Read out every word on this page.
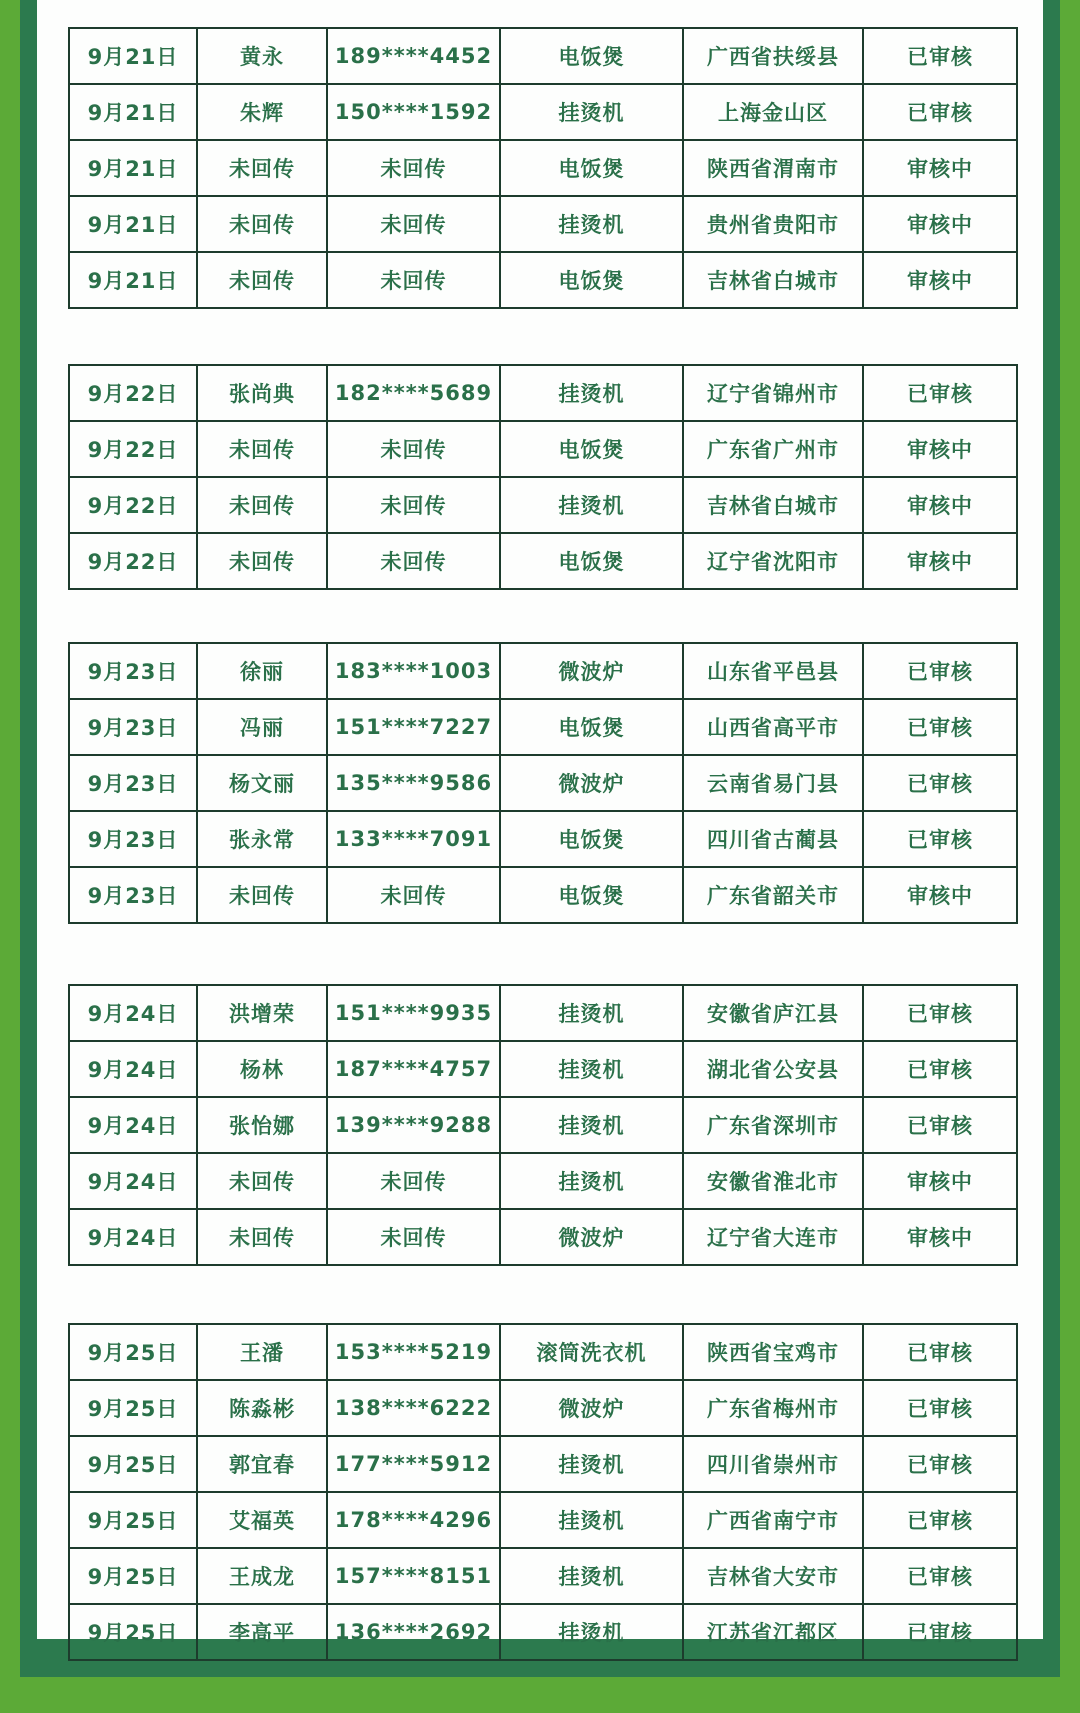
9月21日	黄永	189****4452	电饭煲	广西省扶绥县	已审核
9月21日	朱辉	150****1592	挂烫机	上海金山区	已审核
9月21日	未回传	未回传	电饭煲	陕西省渭南市	审核中
9月21日	未回传	未回传	挂烫机	贵州省贵阳市	审核中
9月21日	未回传	未回传	电饭煲	吉林省白城市	审核中
9月22日	张尚典	182****5689	挂烫机	辽宁省锦州市	已审核
9月22日	未回传	未回传	电饭煲	广东省广州市	审核中
9月22日	未回传	未回传	挂烫机	吉林省白城市	审核中
9月22日	未回传	未回传	电饭煲	辽宁省沈阳市	审核中
9月23日	徐丽	183****1003	微波炉	山东省平邑县	已审核
9月23日	冯丽	151****7227	电饭煲	山西省高平市	已审核
9月23日	杨文丽	135****9586	微波炉	云南省易门县	已审核
9月23日	张永常	133****7091	电饭煲	四川省古蔺县	已审核
9月23日	未回传	未回传	电饭煲	广东省韶关市	审核中
9月24日	洪增荣	151****9935	挂烫机	安徽省庐江县	已审核
9月24日	杨林	187****4757	挂烫机	湖北省公安县	已审核
9月24日	张怡娜	139****9288	挂烫机	广东省深圳市	已审核
9月24日	未回传	未回传	挂烫机	安徽省淮北市	审核中
9月24日	未回传	未回传	微波炉	辽宁省大连市	审核中
9月25日	王潘	153****5219	滚筒洗衣机	陕西省宝鸡市	已审核
9月25日	陈淼彬	138****6222	微波炉	广东省梅州市	已审核
9月25日	郭宜春	177****5912	挂烫机	四川省崇州市	已审核
9月25日	艾福英	178****4296	挂烫机	广西省南宁市	已审核
9月25日	王成龙	157****8151	挂烫机	吉林省大安市	已审核
9月25日	李高平	136****2692	挂烫机	江苏省江都区	已审核
